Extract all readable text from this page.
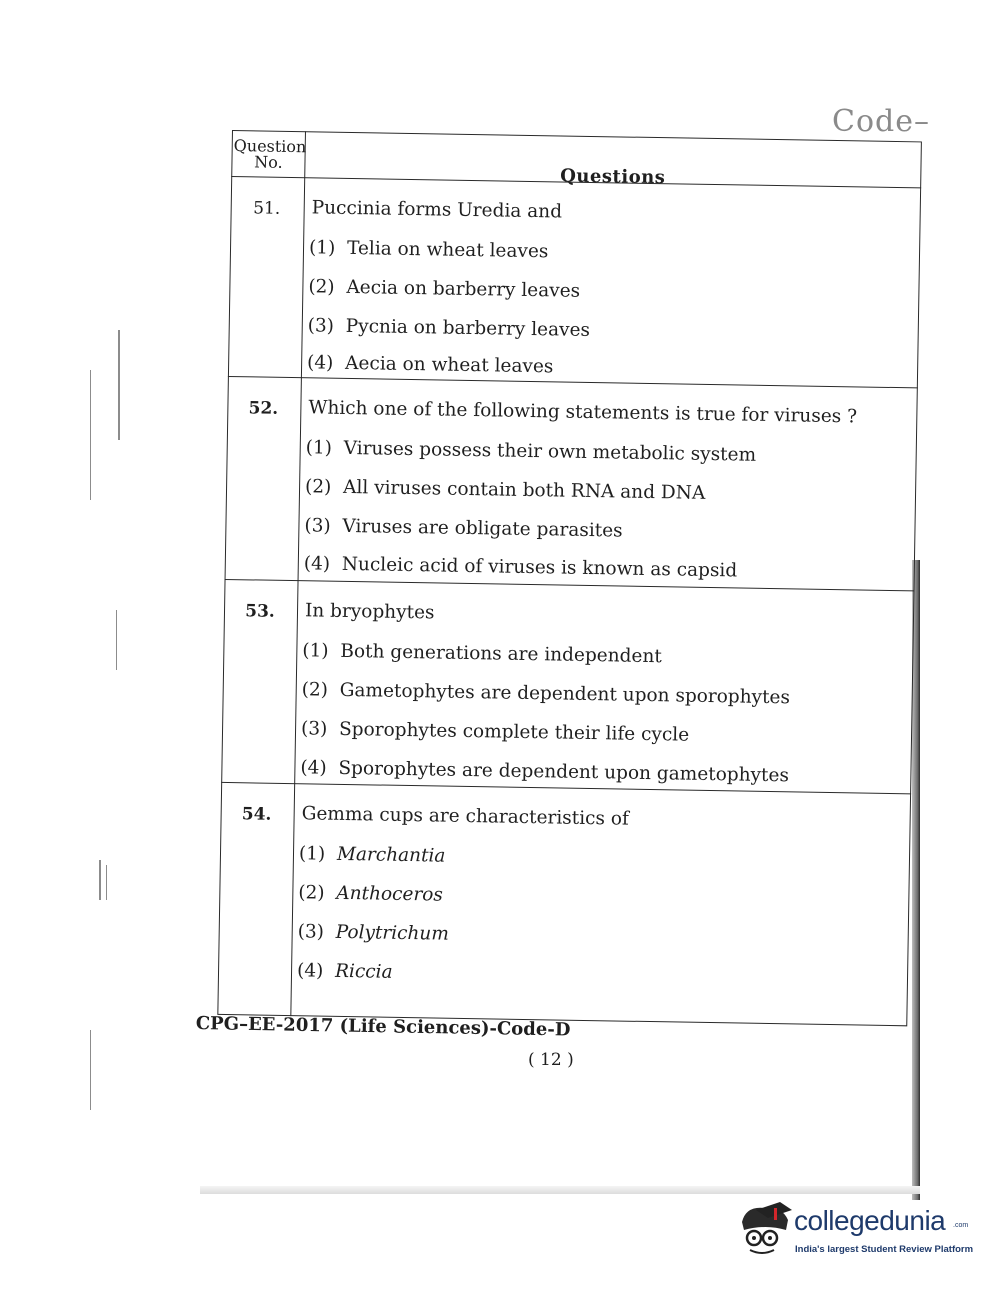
Code–
Question No.
Questions
51.	Puccinia forms Uredia and
(1) Telia on wheat leaves
(2) Aecia on barberry leaves
(3) Pycnia on barberry leaves
(4) Aecia on wheat leaves
52.	Which one of the following statements is true for viruses ?
(1) Viruses possess their own metabolic system
(2) All viruses contain both RNA and DNA
(3) Viruses are obligate parasites
(4) Nucleic acid of viruses is known as capsid
53.	In bryophytes
(1) Both generations are independent
(2) Gametophytes are dependent upon sporophytes
(3) Sporophytes complete their life cycle
(4) Sporophytes are dependent upon gametophytes
54.	Gemma cups are characteristics of
(1) Marchantia
(2) Anthoceros
(3) Polytrichum
(4) Riccia
CPG–EE-2017 (Life Sciences)-Code-D
( 12 )
collegedunia .com
India's largest Student Review Platform
